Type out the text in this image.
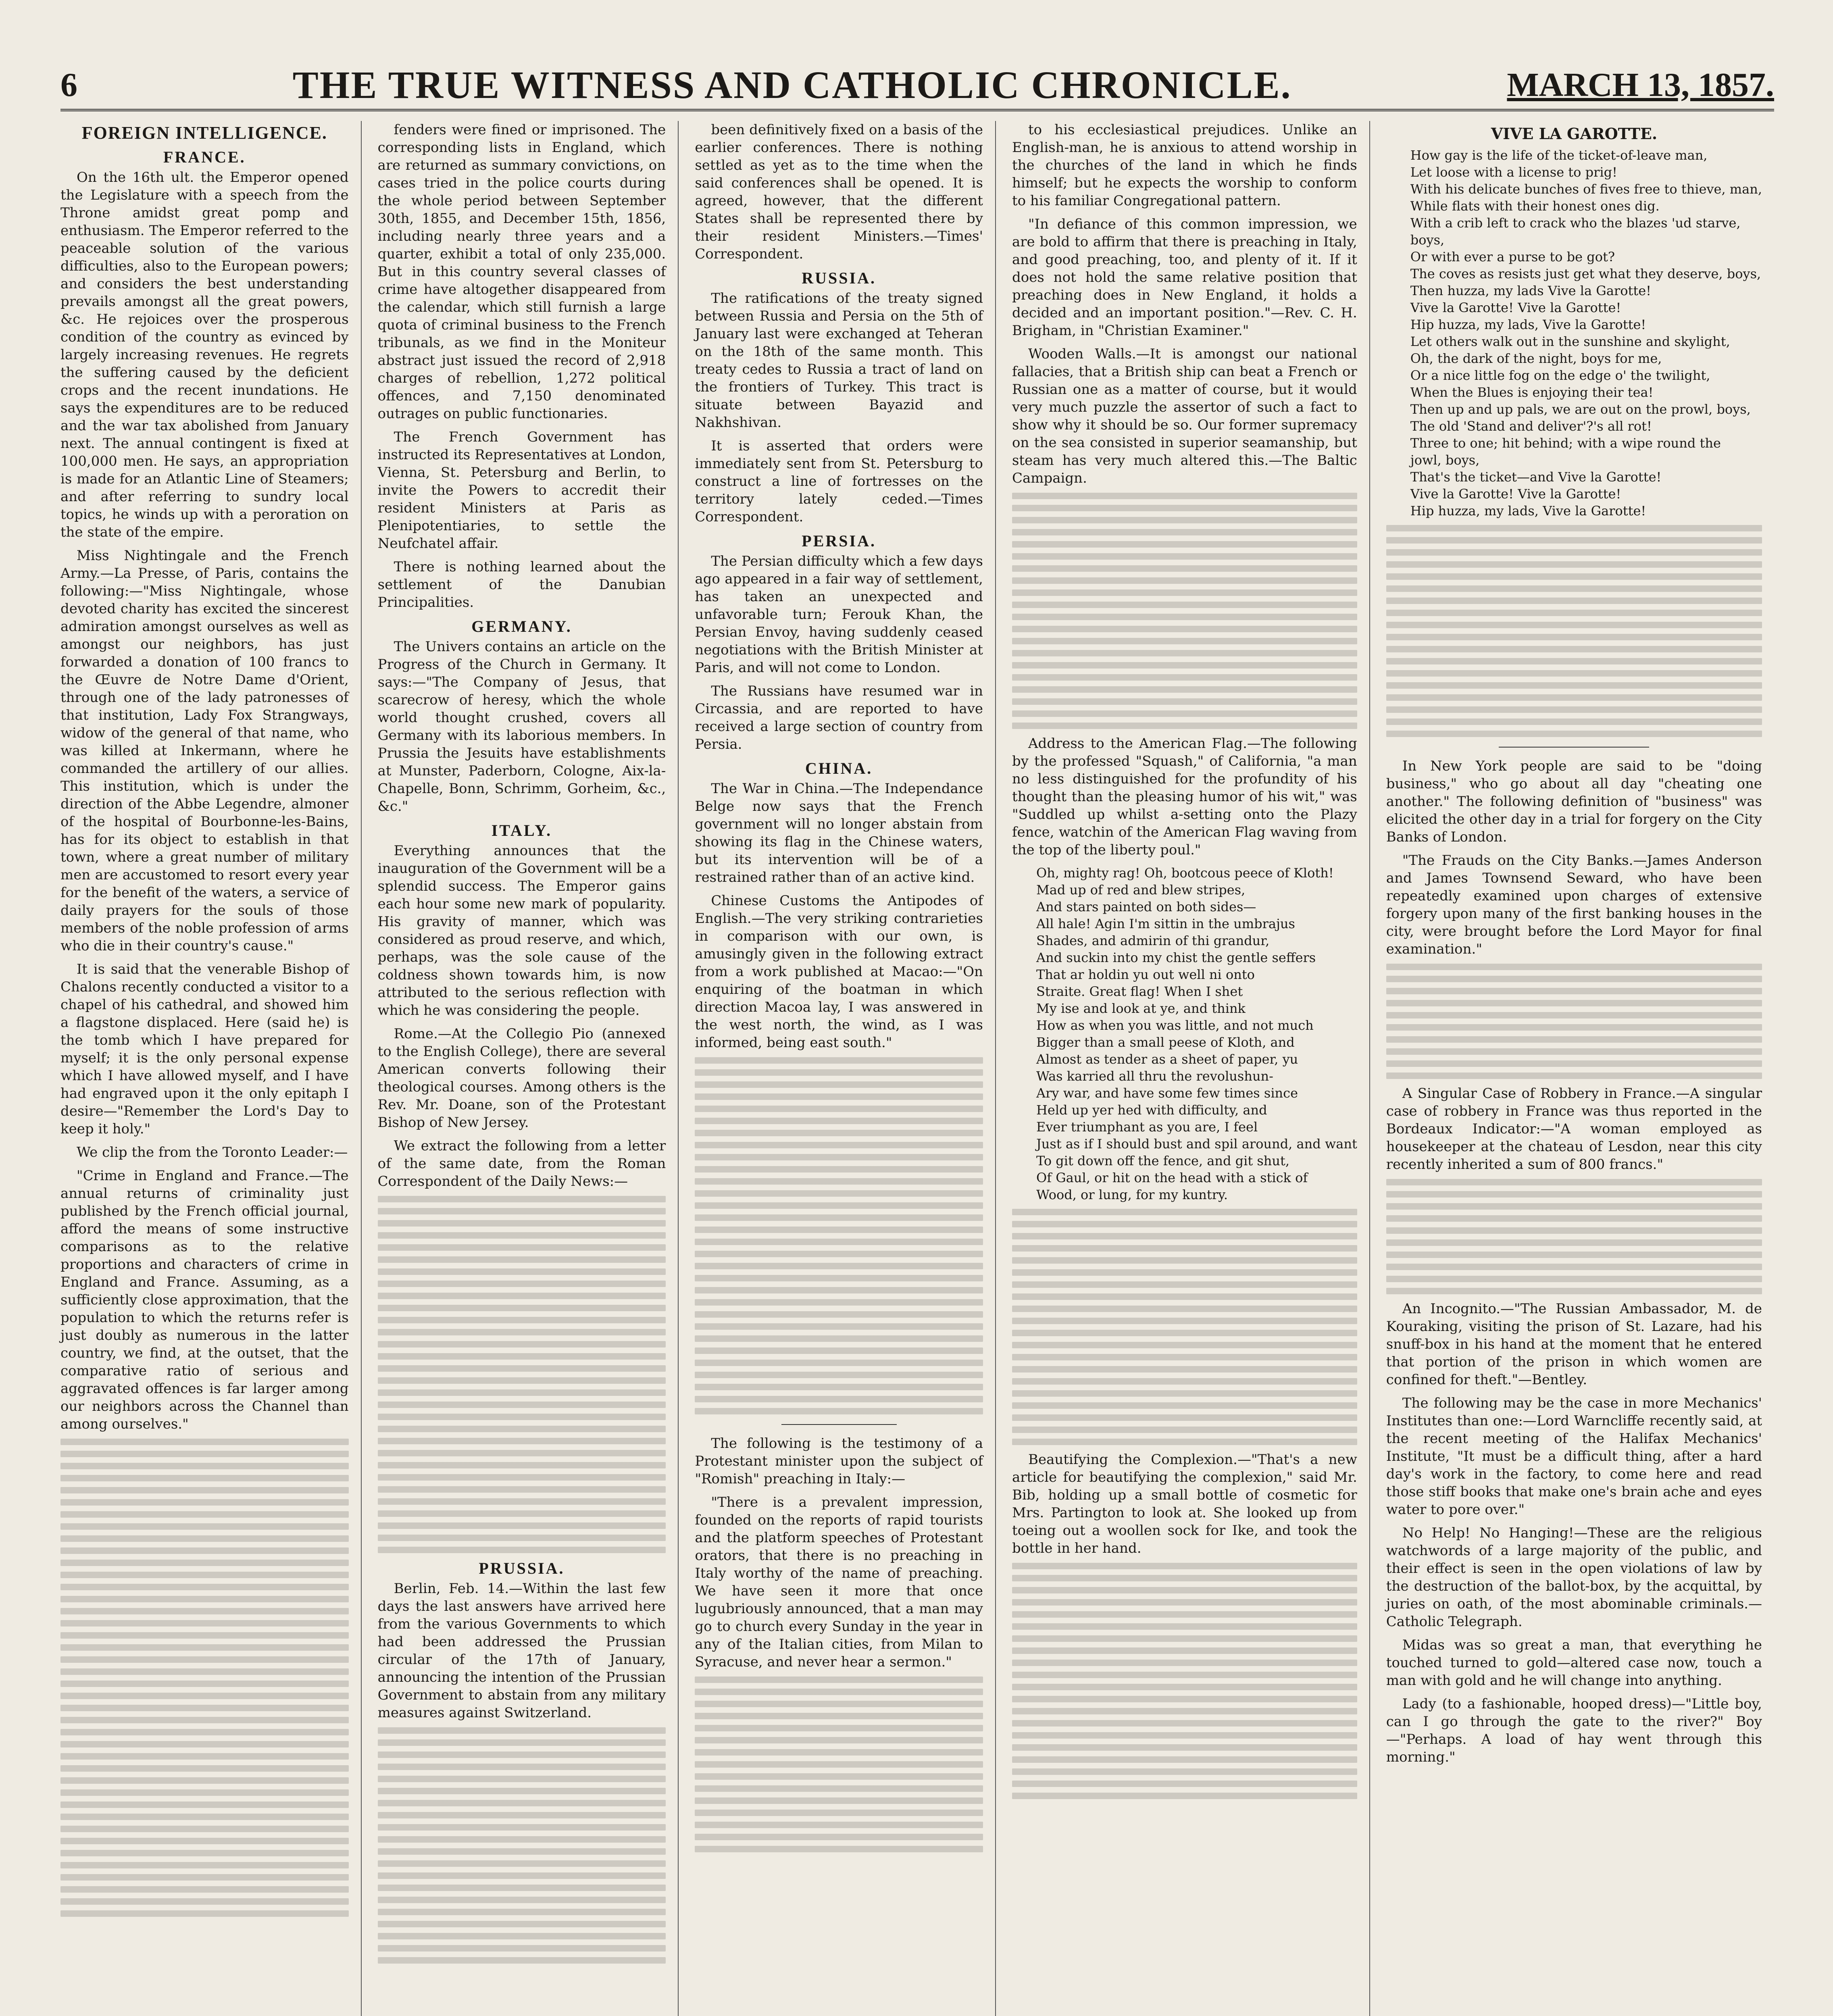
6	THE TRUE WITNESS AND CATHOLIC CHRONICLE.	MARCH 13, 1857.
FOREIGN INTELLIGENCE.
FRANCE.

On the 16th ult. the Emperor opened the Legislature with a speech from the Throne amidst great pomp and enthusiasm. The Emperor referred to the peaceable solution of the various difficulties, also to the European powers; and considers the best understanding prevails amongst all the great powers, &c. He rejoices over the prosperous condition of the country as evinced by largely increasing revenues. He regrets the suffering caused by the deficient crops and the recent inundations. He says the expenditures are to be reduced and the war tax abolished from January next. The annual contingent is fixed at 100,000 men. He says, an appropriation is made for an Atlantic Line of Steamers; and after referring to sundry local topics, he winds up with a peroration on the state of the empire.

Miss Nightingale and the French Army.—La Presse, of Paris, contains the following:—"Miss Nightingale, whose devoted charity has excited the sincerest admiration amongst ourselves as well as amongst our neighbors, has just forwarded a donation of 100 francs to the Œuvre de Notre Dame d'Orient, through one of the lady patronesses of that institution, Lady Fox Strangways, widow of the general of that name, who was killed at Inkermann, where he commanded the artillery of our allies. This institution, which is under the direction of the Abbe Legendre, almoner of the hospital of Bourbonne-les-Bains, has for its object to establish in that town, where a great number of military men are accustomed to resort every year for the benefit of the waters, a service of daily prayers for the souls of those members of the noble profession of arms who die in their country's cause."

It is said that the venerable Bishop of Chalons recently conducted a visitor to a chapel of his cathedral, and showed him a flagstone displaced. Here (said he) is the tomb which I have prepared for myself; it is the only personal expense which I have allowed myself, and I have had engraved upon it the only epitaph I desire—"Remember the Lord's Day to keep it holy."

We clip the from the Toronto Leader:—

"Crime in England and France.—The annual returns of criminality just published by the French official journal, afford the means of some instructive comparisons as to the relative proportions and characters of crime in England and France. Assuming, as a sufficiently close approximation, that the population to which the returns refer is just doubly as numerous in the latter country, we find, at the outset, that the comparative ratio of serious and aggravated offences is far larger among our neighbors across the Channel than among ourselves."

fenders were fined or imprisoned. The corresponding lists in England, which are returned as summary convictions, on cases tried in the police courts during the whole period between September 30th, 1855, and December 15th, 1856, including nearly three years and a quarter, exhibit a total of only 235,000. But in this country several classes of crime have altogether disappeared from the calendar, which still furnish a large quota of criminal business to the French tribunals, as we find in the Moniteur abstract just issued the record of 2,918 charges of rebellion, 1,272 political offences, and 7,150 denominated outrages on public functionaries.

The French Government has instructed its Representatives at London, Vienna, St. Petersburg and Berlin, to invite the Powers to accredit their resident Ministers at Paris as Plenipotentiaries, to settle the Neufchatel affair.

There is nothing learned about the settlement of the Danubian Principalities.

GERMANY.

The Univers contains an article on the Progress of the Church in Germany. It says:—"The Company of Jesus, that scarecrow of heresy, which the whole world thought crushed, covers all Germany with its laborious members. In Prussia the Jesuits have establishments at Munster, Paderborn, Cologne, Aix-la-Chapelle, Bonn, Schrimm, Gorheim, &c., &c."

ITALY.

Everything announces that the inauguration of the Government will be a splendid success. The Emperor gains each hour some new mark of popularity. His gravity of manner, which was considered as proud reserve, and which, perhaps, was the sole cause of the coldness shown towards him, is now attributed to the serious reflection with which he was considering the people.

Rome.—At the Collegio Pio (annexed to the English College), there are several American converts following their theological courses. Among others is the Rev. Mr. Doane, son of the Protestant Bishop of New Jersey.

We extract the following from a letter of the same date, from the Roman Correspondent of the Daily News:—

PRUSSIA.

Berlin, Feb. 14.—Within the last few days the last answers have arrived here from the various Governments to which had been addressed the Prussian circular of the 17th of January, announcing the intention of the Prussian Government to abstain from any military measures against Switzerland.

been definitively fixed on a basis of the earlier conferences. There is nothing settled as yet as to the time when the said conferences shall be opened. It is agreed, however, that the different States shall be represented there by their resident Ministers.—Times' Correspondent.

RUSSIA.

The ratifications of the treaty signed between Russia and Persia on the 5th of January last were exchanged at Teheran on the 18th of the same month. This treaty cedes to Russia a tract of land on the frontiers of Turkey. This tract is situate between Bayazid and Nakhshivan.

It is asserted that orders were immediately sent from St. Petersburg to construct a line of fortresses on the territory lately ceded.—Times Correspondent.

PERSIA.

The Persian difficulty which a few days ago appeared in a fair way of settlement, has taken an unexpected and unfavorable turn; Ferouk Khan, the Persian Envoy, having suddenly ceased negotiations with the British Minister at Paris, and will not come to London.

The Russians have resumed war in Circassia, and are reported to have received a large section of country from Persia.

CHINA.

The War in China.—The Independance Belge now says that the French government will no longer abstain from showing its flag in the Chinese waters, but its intervention will be of a restrained rather than of an active kind.

Chinese Customs the Antipodes of English.—The very striking contrarieties in comparison with our own, is amusingly given in the following extract from a work published at Macao:—"On enquiring of the boatman in which direction Macoa lay, I was answered in the west north, the wind, as I was informed, being east south."

The following is the testimony of a Protestant minister upon the subject of "Romish" preaching in Italy:—

"There is a prevalent impression, founded on the reports of rapid tourists and the platform speeches of Protestant orators, that there is no preaching in Italy worthy of the name of preaching. We have seen it more that once lugubriously announced, that a man may go to church every Sunday in the year in any of the Italian cities, from Milan to Syracuse, and never hear a sermon."

to his ecclesiastical prejudices. Unlike an English-man, he is anxious to attend worship in the churches of the land in which he finds himself; but he expects the worship to conform to his familiar Congregational pattern.

"In defiance of this common impression, we are bold to affirm that there is preaching in Italy, and good preaching, too, and plenty of it. If it does not hold the same relative position that preaching does in New England, it holds a decided and an important position."—Rev. C. H. Brigham, in "Christian Examiner."

Wooden Walls.—It is amongst our national fallacies, that a British ship can beat a French or Russian one as a matter of course, but it would very much puzzle the assertor of such a fact to show why it should be so. Our former supremacy on the sea consisted in superior seamanship, but steam has very much altered this.—The Baltic Campaign.

Address to the American Flag.—The following by the professed "Squash," of California, "a man no less distinguished for the profundity of his thought than the pleasing humor of his wit," was "Suddled up whilst a-setting onto the Plazy fence, watchin of the American Flag waving from the top of the liberty poul."

Oh, mighty rag! Oh, bootcous peece of Kloth!
Mad up of red and blew stripes,
And stars painted on both sides—
All hale! Agin I'm sittin in the umbrajus
Shades, and admirin of thi grandur,
And suckin into my chist the gentle seffers
That ar holdin yu out well ni onto
Straite. Great flag! When I shet
My ise and look at ye, and think
How as when you was little, and not much
Bigger than a small peese of Kloth, and
Almost as tender as a sheet of paper, yu
Was karried all thru the revolushun-
Ary war, and have some few times since
Held up yer hed with difficulty, and
Ever triumphant as you are, I feel
Just as if I should bust and spil around, and want
To git down off the fence, and git shut,
Of Gaul, or hit on the head with a stick of
Wood, or lung, for my kuntry.

Beautifying the Complexion.—"That's a new article for beautifying the complexion," said Mr. Bib, holding up a small bottle of cosmetic for Mrs. Partington to look at. She looked up from toeing out a woollen sock for Ike, and took the bottle in her hand.

VIVE LA GAROTTE.
How gay is the life of the ticket-of-leave man,
Let loose with a license to prig!
With his delicate bunches of fives free to thieve, man,
While flats with their honest ones dig.
With a crib left to crack who the blazes 'ud starve,
boys,
Or with ever a purse to be got?
The coves as resists just get what they deserve, boys,
Then huzza, my lads Vive la Garotte!
Vive la Garotte! Vive la Garotte!
Hip huzza, my lads, Vive la Garotte!
Let others walk out in the sunshine and skylight,
Oh, the dark of the night, boys for me,
Or a nice little fog on the edge o' the twilight,
When the Blues is enjoying their tea!
Then up and up pals, we are out on the prowl, boys,
The old 'Stand and deliver'?'s all rot!
Three to one; hit behind; with a wipe round the
jowl, boys,
That's the ticket—and Vive la Garotte!
Vive la Garotte! Vive la Garotte!
Hip huzza, my lads, Vive la Garotte!

In New York people are said to be "doing business," who go about all day "cheating one another." The following definition of "business" was elicited the other day in a trial for forgery on the City Banks of London.

"The Frauds on the City Banks.—James Anderson and James Townsend Seward, who have been repeatedly examined upon charges of extensive forgery upon many of the first banking houses in the city, were brought before the Lord Mayor for final examination."

A Singular Case of Robbery in France.—A singular case of robbery in France was thus reported in the Bordeaux Indicator:—"A woman employed as housekeeper at the chateau of Lesdon, near this city recently inherited a sum of 800 francs."

An Incognito.—"The Russian Ambassador, M. de Kouraking, visiting the prison of St. Lazare, had his snuff-box in his hand at the moment that he entered that portion of the prison in which women are confined for theft."—Bentley.

The following may be the case in more Mechanics' Institutes than one:—Lord Warncliffe recently said, at the recent meeting of the Halifax Mechanics' Institute, "It must be a difficult thing, after a hard day's work in the factory, to come here and read those stiff books that make one's brain ache and eyes water to pore over."

No Help! No Hanging!—These are the religious watchwords of a large majority of the public, and their effect is seen in the open violations of law by the destruction of the ballot-box, by the acquittal, by juries on oath, of the most abominable criminals.—Catholic Telegraph.

Midas was so great a man, that everything he touched turned to gold—altered case now, touch a man with gold and he will change into anything.

Lady (to a fashionable, hooped dress)—"Little boy, can I go through the gate to the river?" Boy—"Perhaps. A load of hay went through this morning."
